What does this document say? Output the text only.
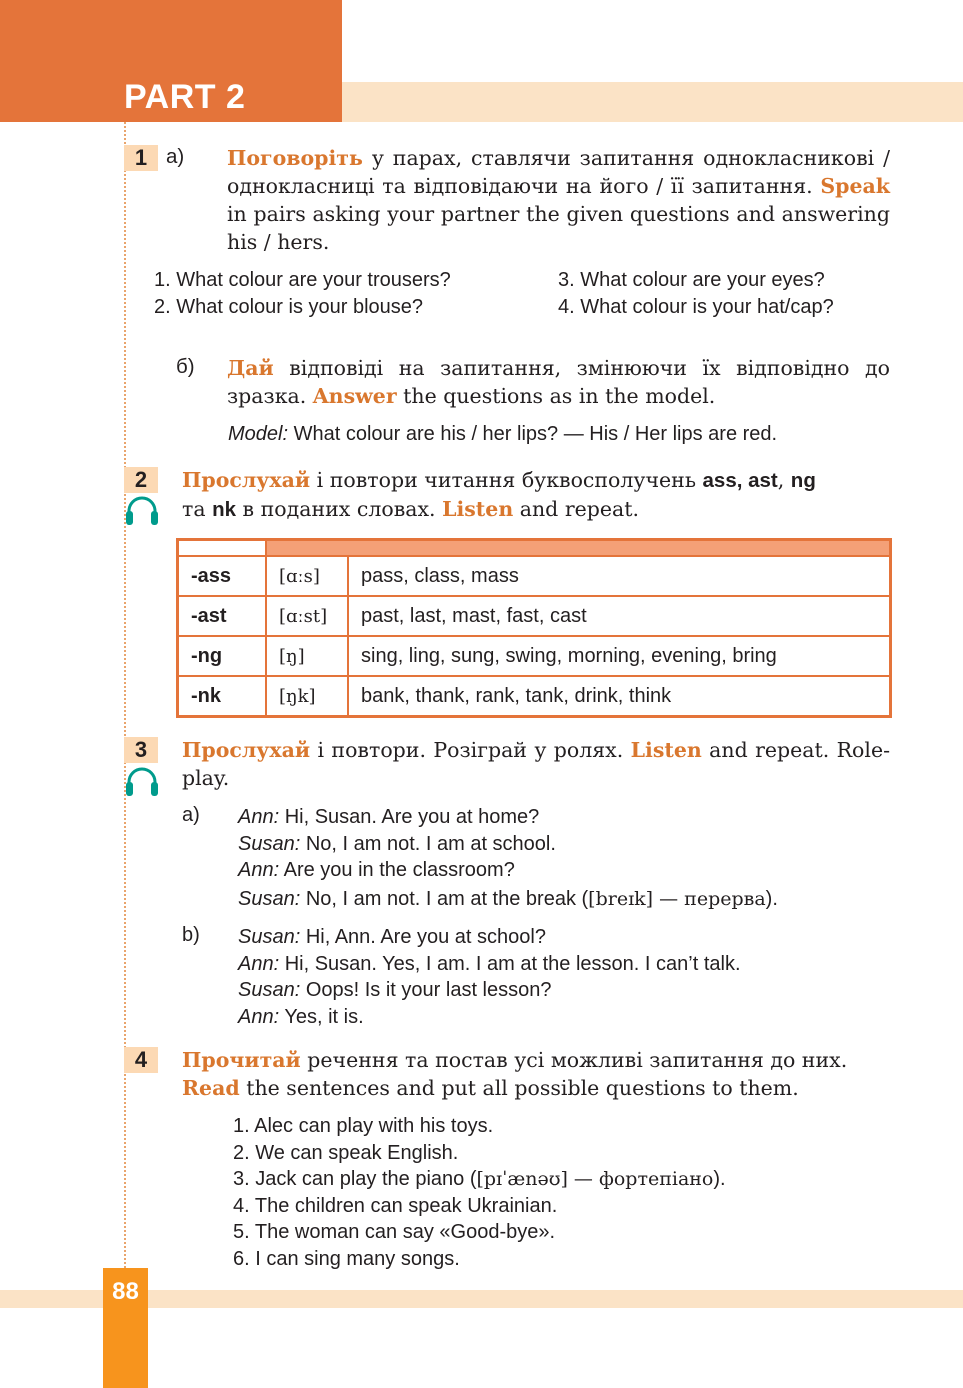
PART 2
1 а) Поговоріть у парах, ставлячи запитання однокласникові /однокласниці та відповідаючи на його / її запитання. Speak in pairs asking your partner the given questions and answering his / hers.
1. What colour are your trousers?
2. What colour is your blouse?
3. What colour are your eyes?
4. What colour is your hat/cap?
б) Дай відповіді на запитання, змінюючи їх відповідно до зразка. Answer the questions as in the model.
Model: What colour are his / her lips? — His / Her lips are red.
2	Прослухай і повтори читання буквосполучень ass, ast, ng
та nk в поданих словах. Listen and repeat.

-ass	[ɑːs]	pass, class, mass
-ast	[ɑːst]	past, last, mast, fast, cast
-ng	[ŋ]	sing, ling, sung, swing, morning, evening, bring
-nk	[ŋk]	bank, thank, rank, tank, drink, think
3	Прослухай і повтори. Розіграй у ролях. Listen and repeat. Role-play.
a) Ann: Hi, Susan. Are you at home?
Susan: No, I am not. I am at school.
Ann: Are you in the classroom?
Susan: No, I am not. I am at the break ([breɪk] — перерва).
b) Susan: Hi, Ann. Are you at school?
Ann: Hi, Susan. Yes, I am. I am at the lesson. I can’t talk.
Susan: Oops! Is it your last lesson?
Ann: Yes, it is.
4	Прочитай речення та постав усі можливі запитання до них.
Read the sentences and put all possible questions to them.
1. Alec can play with his toys.
2. We can speak English.
3. Jack can play the piano ([pɪˈænəʊ] — фортепіано).
4. The children can speak Ukrainian.
5. The woman can say «Good-bye».
6. I can sing many songs.
88
